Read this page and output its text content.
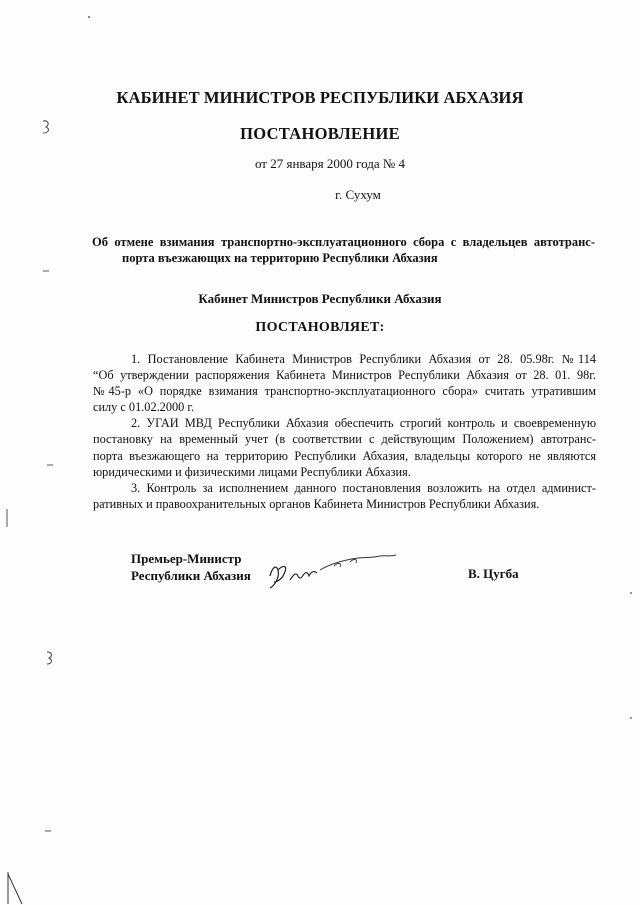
КАБИНЕТ МИНИСТРОВ РЕСПУБЛИКИ АБХАЗИЯ
ПОСТАНОВЛЕНИЕ
от 27 января 2000 года № 4
г. Сухум
Об отмене взимания транспортно-эксплуатационного сбора с владельцев автотранс-
порта въезжающих на территорию Республики Абхазия
Кабинет Министров Республики Абхазия
ПОСТАНОВЛЯЕТ:
1. Постановление Кабинета Министров Республики Абхазия от 28. 05.98г. №114
“Об утверждении распоряжения Кабинета Министров Республики Абхазия от 28. 01. 98г.
№45-р «О порядке взимания транспортно-эксплуатационного сбора» считать утратившим
силу с 01.02.2000 г.
2. УГАИ МВД Республики Абхазия обеспечить строгий контроль и своевременную
постановку на временный учет (в соответствии с действующим Положением) автотранс-
порта въезжающего на территорию Республики Абхазия, владельцы которого не являются
юридическими и физическими лицами Республики Абхазия.
3. Контроль за исполнением данного постановления возложить на отдел админист-
ративных и правоохранительных органов Кабинета Министров Республики Абхазия.
Премьер-Министр
Республики Абхазия	В. Цугба
